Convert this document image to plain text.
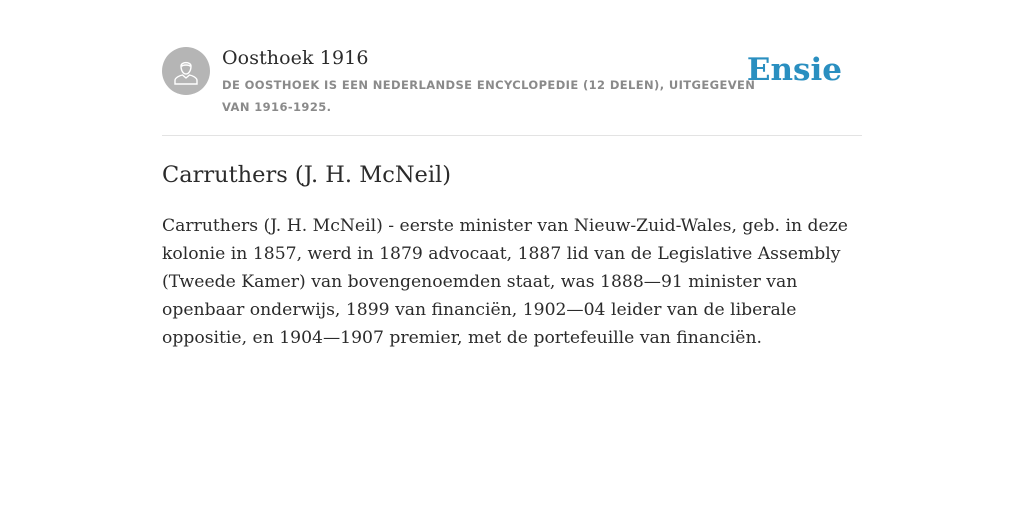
Oosthoek 1916
DE OOSTHOEK IS EEN NEDERLANDSE ENCYCLOPEDIE (12 DELEN), UITGEGEVEN VAN 1916-1925.
Ensie
Carruthers (J. H. McNeil)

Carruthers (J. H. McNeil) - eerste minister van Nieuw-Zuid-Wales, geb. in deze kolonie in 1857, werd in 1879 advocaat, 1887 lid van de Legislative Assembly (Tweede Kamer) van bovengenoemden staat, was 1888—91 minister van openbaar onderwijs, 1899 van financiën, 1902—04 leider van de liberale oppositie, en 1904—1907 premier, met de portefeuille van financiën.
